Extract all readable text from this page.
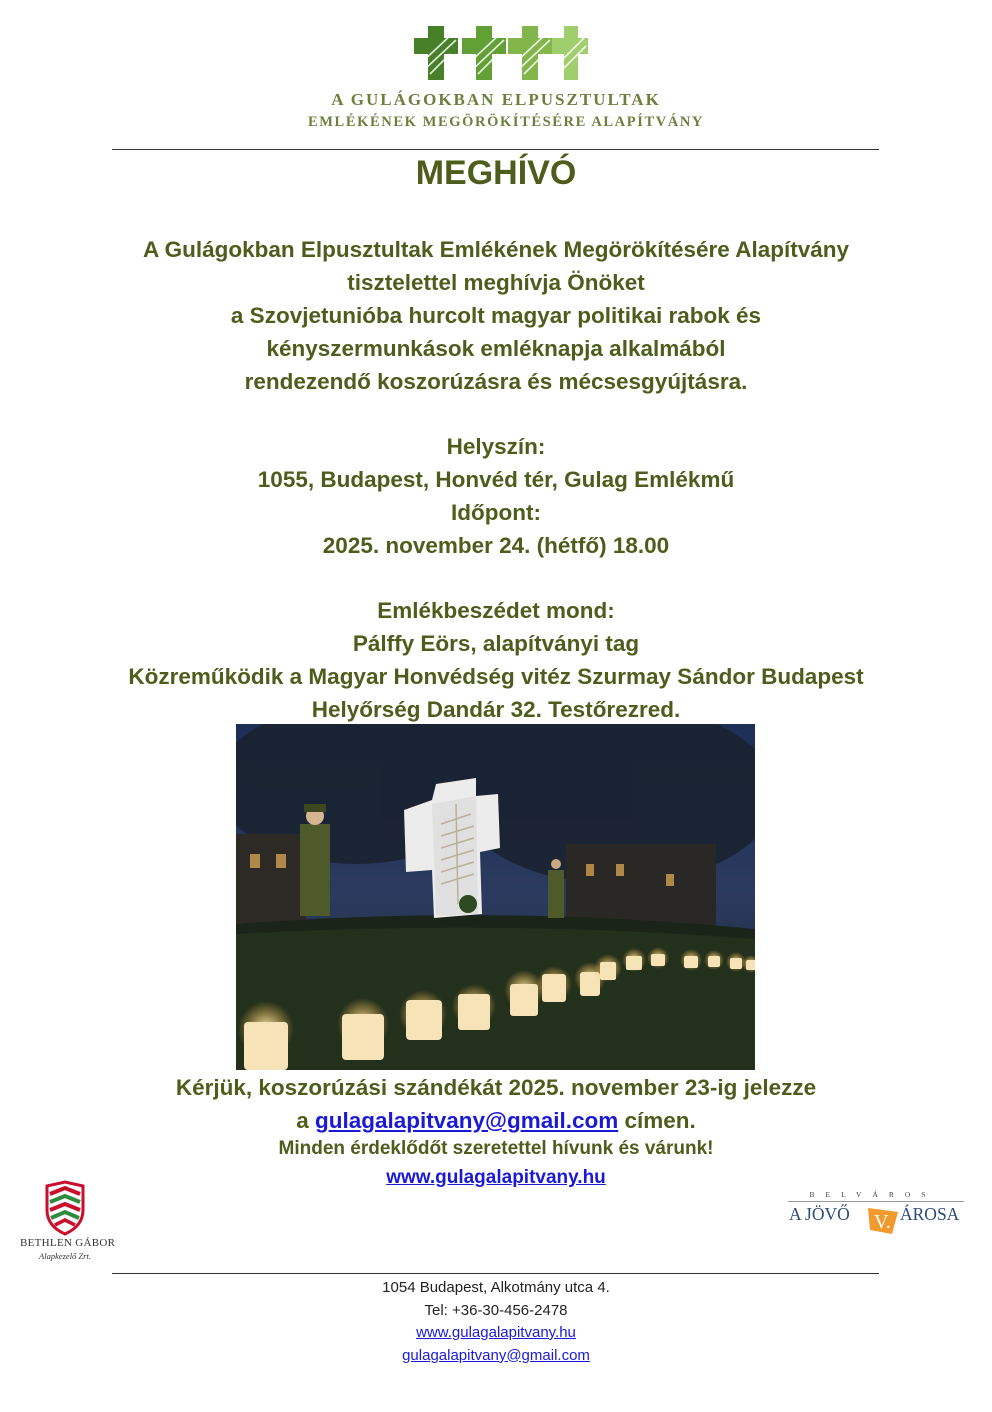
A GULÁGOKBAN ELPUSZTULTAK
EMLÉKÉNEK MEGÖRÖKÍTÉSÉRE ALAPÍTVÁNY
MEGHÍVÓ
A Gulágokban Elpusztultak Emlékének Megörökítésére Alapítvány
tisztelettel meghívja Önöket
a Szovjetunióba hurcolt magyar politikai rabok és
kényszermunkások emléknapja alkalmából
rendezendő koszorúzásra és mécsesgyújtásra.
Helyszín:
1055, Budapest, Honvéd tér, Gulag Emlékmű
Időpont:
2025. november 24. (hétfő) 18.00
Emlékbeszédet mond:
Pálffy Eörs, alapítványi tag
Közreműködik a Magyar Honvédség vitéz Szurmay Sándor Budapest
Helyőrség Dandár 32. Testőrezred.
Kérjük, koszorúzási szándékát 2025. november 23-ig jelezze
a gulagalapitvany@gmail.com címen.
Minden érdeklődőt szeretettel hívunk és várunk!
www.gulagalapitvany.hu
BETHLEN GÁBOR
Alapkezelő Zrt.
BELVÁROS
A JÖVŐ V. ÁROSA
1054 Budapest, Alkotmány utca 4.
Tel: +36-30-456-2478
www.gulagalapitvany.hu
gulagalapitvany@gmail.com
